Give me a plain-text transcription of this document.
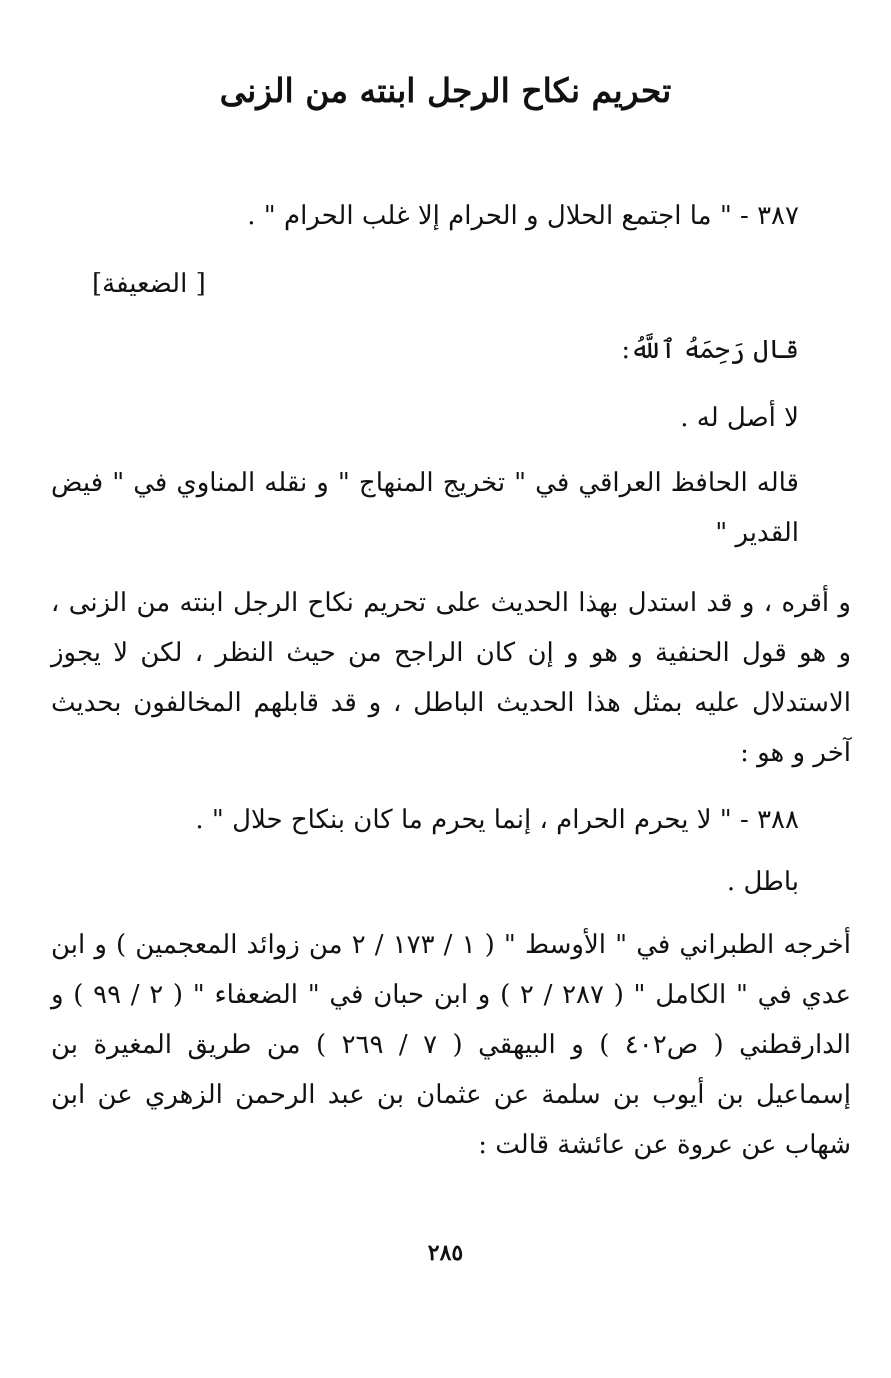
تحريم نكاح الرجل ابنته من الزنى
٣٨٧ - " ما اجتمع الحلال و الحرام إلا غلب الحرام " .
[ الضعيفة]
قال رَحِمَهُ ٱللَّهُ:
لا أصل له .
قاله الحافظ العراقي في " تخريج المنهاج " و نقله المناوي في " فيض القدير "
و أقره ، و قد استدل بهذا الحديث على تحريم نكاح الرجل ابنته من الزنى ، و هو قول الحنفية و هو و إن كان الراجح من حيث النظر ، لكن لا يجوز الاستدلال عليه بمثل هذا الحديث الباطل ، و قد قابلهم المخالفون بحديث آخر و هو :
٣٨٨ - " لا يحرم الحرام ، إنما يحرم ما كان بنكاح حلال " .
باطل .
أخرجه الطبراني في " الأوسط " ( ١ / ١٧٣ / ٢ من زوائد المعجمين ) و ابن عدي في " الكامل " ( ٢٨٧ / ٢ ) و ابن حبان في " الضعفاء " ( ٢ / ٩٩ ) و الدارقطني ( ص٤٠٢ ) و البيهقي ( ٧ / ٢٦٩ ) من طريق المغيرة بن إسماعيل بن أيوب بن سلمة عن عثمان بن عبد الرحمن الزهري عن ابن شهاب عن عروة عن عائشة قالت :
٢٨٥
